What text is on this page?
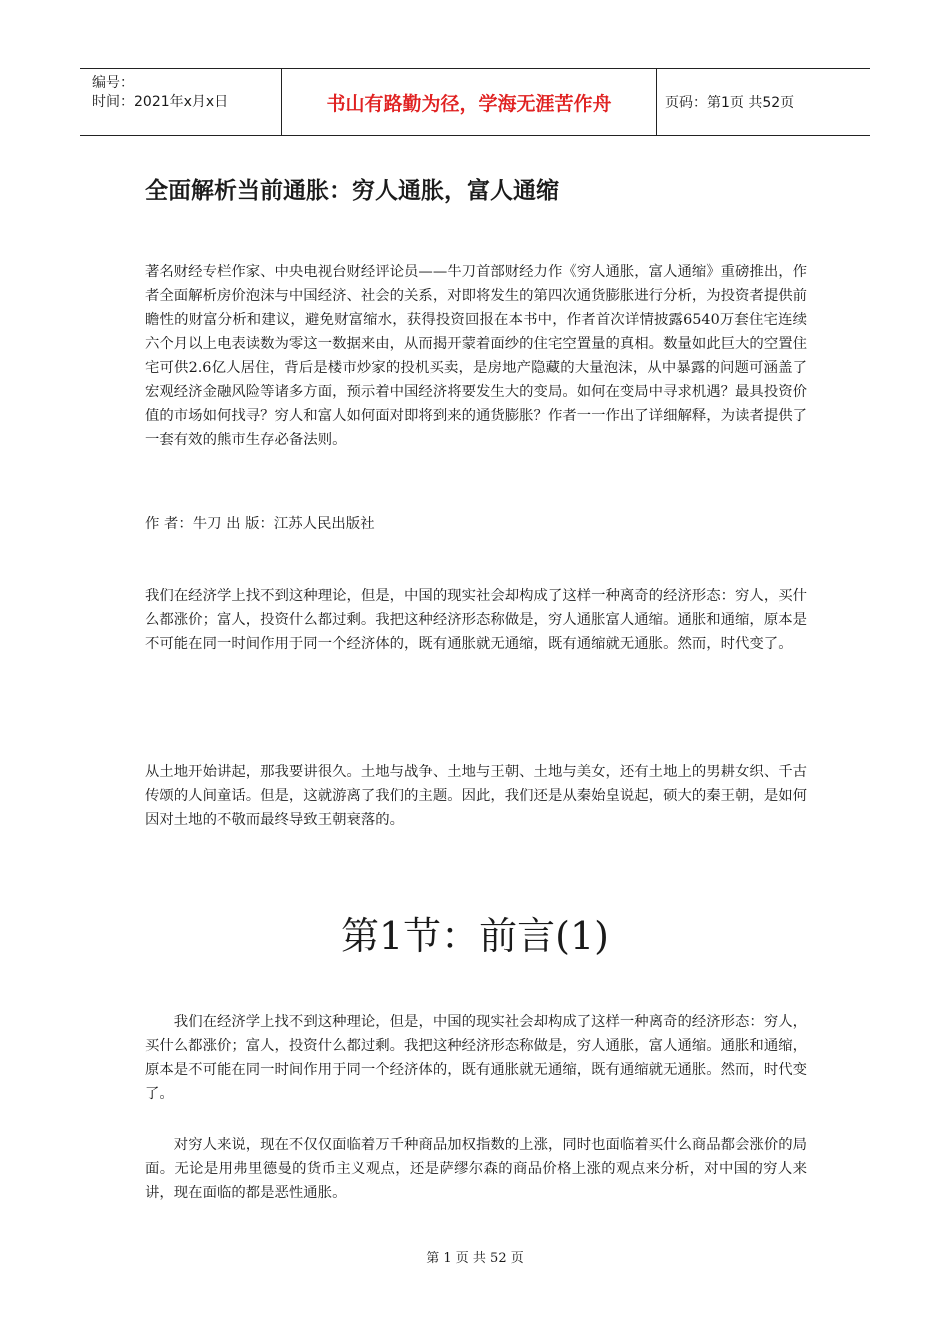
编号：
时间：2021年x月x日	书山有路勤为径，学海无涯苦作舟	页码：第1页 共52页
全面解析当前通胀：穷人通胀，富人通缩

著名财经专栏作家、中央电视台财经评论员——牛刀首部财经力作《穷人通胀，富人通缩》重磅推出，作者全面解析房价泡沫与中国经济、社会的关系，对即将发生的第四次通货膨胀进行分析，为投资者提供前瞻性的财富分析和建议，避免财富缩水，获得投资回报在本书中，作者首次详情披露6540万套住宅连续六个月以上电表读数为零这一数据来由，从而揭开蒙着面纱的住宅空置量的真相。数量如此巨大的空置住宅可供2.6亿人居住，背后是楼市炒家的投机买卖，是房地产隐藏的大量泡沫，从中暴露的问题可涵盖了宏观经济金融风险等诸多方面，预示着中国经济将要发生大的变局。如何在变局中寻求机遇？最具投资价值的市场如何找寻？穷人和富人如何面对即将到来的通货膨胀？作者一一作出了详细解释，为读者提供了一套有效的熊市生存必备法则。

作 者：牛刀 出 版：江苏人民出版社

我们在经济学上找不到这种理论，但是，中国的现实社会却构成了这样一种离奇的经济形态：穷人，买什么都涨价；富人，投资什么都过剩。我把这种经济形态称做是，穷人通胀富人通缩。通胀和通缩，原本是不可能在同一时间作用于同一个经济体的，既有通胀就无通缩，既有通缩就无通胀。然而，时代变了。

从土地开始讲起，那我要讲很久。土地与战争、土地与王朝、土地与美女，还有土地上的男耕女织、千古传颂的人间童话。但是，这就游离了我们的主题。因此，我们还是从秦始皇说起，硕大的秦王朝，是如何因对土地的不敬而最终导致王朝衰落的。

第1节：前言(1)

我们在经济学上找不到这种理论，但是，中国的现实社会却构成了这样一种离奇的经济形态：穷人，买什么都涨价；富人，投资什么都过剩。我把这种经济形态称做是，穷人通胀，富人通缩。通胀和通缩，原本是不可能在同一时间作用于同一个经济体的，既有通胀就无通缩，既有通缩就无通胀。然而，时代变了。

对穷人来说，现在不仅仅面临着万千种商品加权指数的上涨，同时也面临着买什么商品都会涨价的局面。无论是用弗里德曼的货币主义观点，还是萨缪尔森的商品价格上涨的观点来分析，对中国的穷人来讲，现在面临的都是恶性通胀。

第 1 页 共 52 页
